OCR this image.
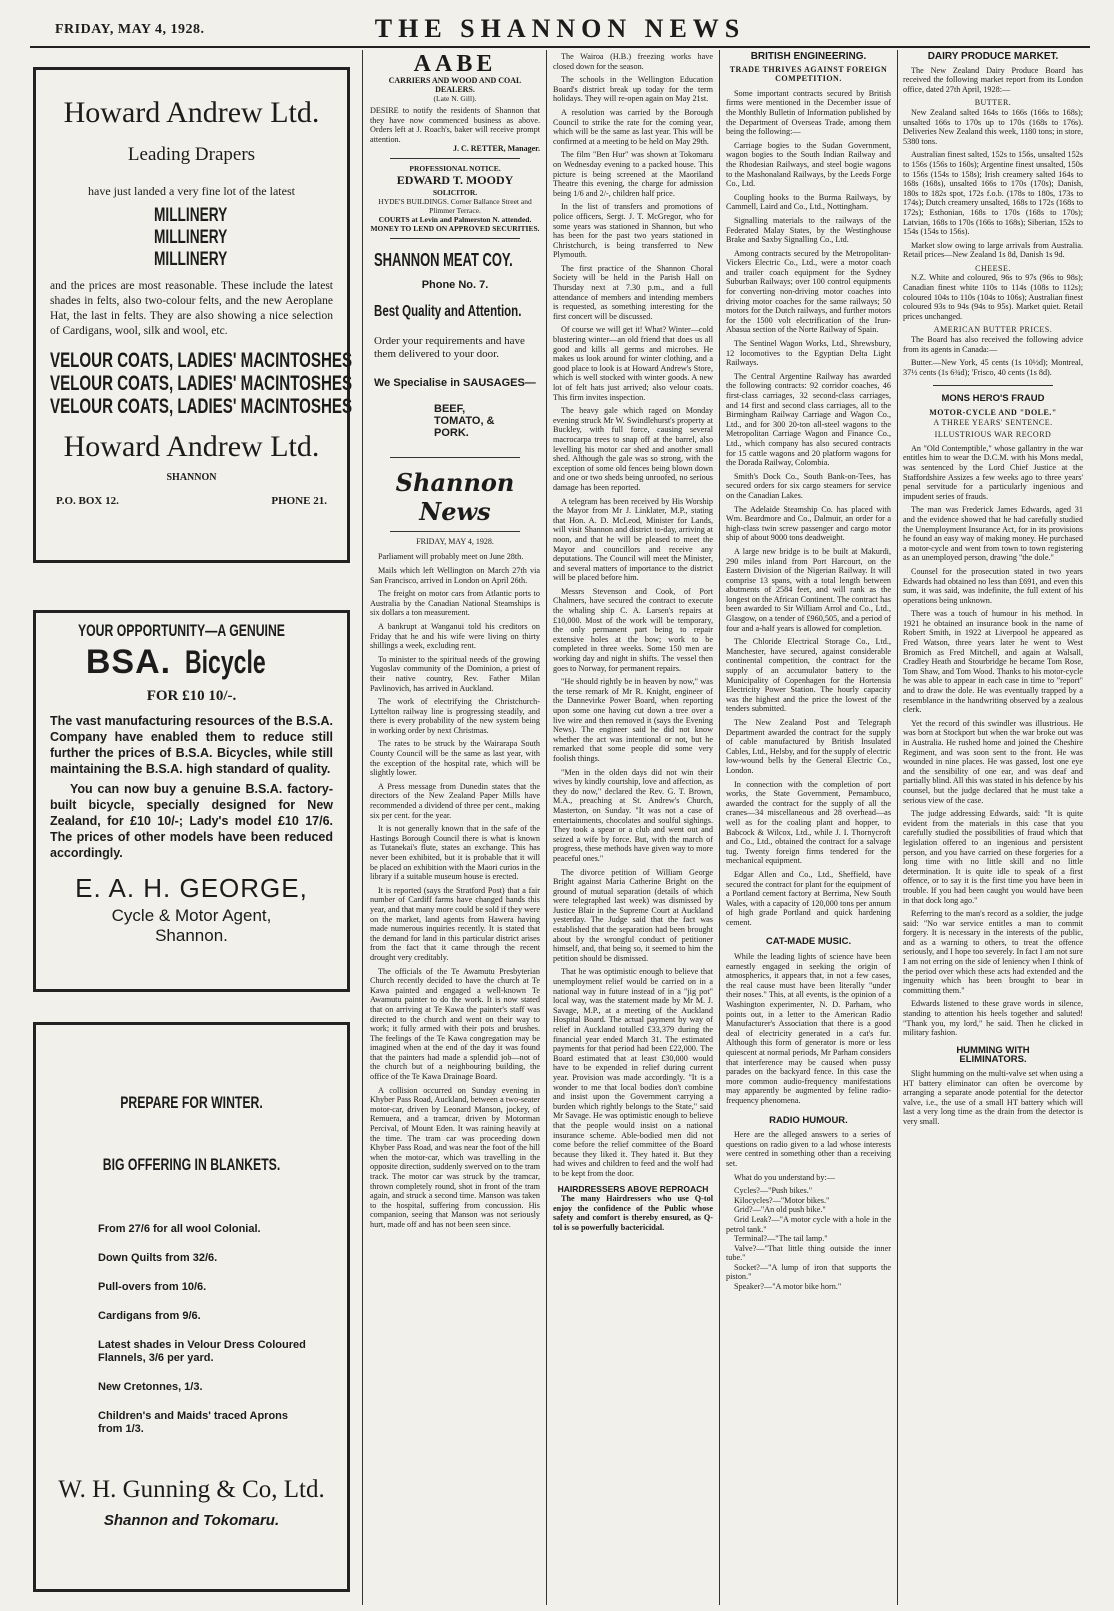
FRIDAY, MAY 4, 1928.	THE SHANNON NEWS
Howard Andrew Ltd.
Leading Drapers
have just landed a very fine lot of the latest
MILLINERY
MILLINERY
MILLINERY
and the prices are most reasonable. These include the latest shades in felts, also two-colour felts, and the new Aeroplane Hat, the last in felts. They are also showing a nice selection of Cardigans, wool, silk and wool, etc.
VELOUR COATS, LADIES' MACINTOSHES
VELOUR COATS, LADIES' MACINTOSHES
VELOUR COATS, LADIES' MACINTOSHES
Howard Andrew Ltd.
SHANNON
P.O. BOX 12.	PHONE 21.
YOUR OPPORTUNITY—A GENUINE
BSA. Bicycle
FOR £10 10/-.
The vast manufacturing resources of the B.S.A. Company have enabled them to reduce still further the prices of B.S.A. Bicycles, while still maintaining the B.S.A. high standard of quality.
You can now buy a genuine B.S.A. factory-built bicycle, specially designed for New Zealand, for £10 10/-; Lady's model £10 17/6. The prices of other models have been reduced accordingly.
E. A. H. GEORGE,
Cycle & Motor Agent,
Shannon.
PREPARE FOR WINTER.
BIG OFFERING IN BLANKETS.
From 27/6 for all wool Colonial.
Down Quilts from 32/6.
Pull-overs from 10/6.
Cardigans from 9/6.
Latest shades in Velour Dress Coloured Flannels, 3/6 per yard.
New Cretonnes, 1/3.
Children's and Maids' traced Aprons from 1/3.
W. H. Gunning & Co, Ltd.
Shannon and Tokomaru.
AABE
CARRIERS AND WOOD AND COAL DEALERS.
(Late N. Gill).
DESIRE to notify the residents of Shannon that they have now commenced business as above. Orders left at J. Roach's, baker will receive prompt attention.
J. C. RETTER, Manager.
PROFESSIONAL NOTICE.
EDWARD T. MOODY
SOLICITOR.
HYDE'S BUILDINGS. Corner Ballance Street and Plimmer Terrace.
COURTS at Levin and Palmerston N. attended.
MONEY TO LEND ON APPROVED SECURITIES.
SHANNON MEAT COY.
Phone No. 7.
Best Quality and Attention.
Order your requirements and have them delivered to your door.
We Specialise in SAUSAGES—
BEEF, TOMATO, & PORK.
Shannon News
FRIDAY, MAY 4, 1928.

Parliament will probably meet on June 28th.

Mails which left Wellington on March 27th via San Francisco, arrived in London on April 26th.

The freight on motor cars from Atlantic ports to Australia by the Canadian National Steamships is six dollars a ton measurement.

A bankrupt at Wanganui told his creditors on Friday that he and his wife were living on thirty shillings a week, excluding rent.

To minister to the spiritual needs of the growing Yugoslav community of the Dominion, a priest of their native country, Rev. Father Milan Pavlinovich, has arrived in Auckland.

The work of electrifying the Christchurch-Lyttelton railway line is progressing steadily, and there is every probability of the new system being in working order by next Christmas.

The rates to be struck by the Wairarapa South County Council will be the same as last year, with the exception of the hospital rate, which will be slightly lower.

A Press message from Dunedin states that the directors of the New Zealand Paper Mills have recommended a dividend of three per cent., making six per cent. for the year.

It is not generally known that in the safe of the Hastings Borough Council there is what is known as Tutanekai's flute, states an exchange. This has never been exhibited, but it is probable that it will be placed on exhibition with the Maori curios in the library if a suitable museum house is erected.

It is reported (says the Stratford Post) that a fair number of Cardiff farms have changed hands this year, and that many more could be sold if they were on the market, land agents from Hawera having made numerous inquiries recently. It is stated that the demand for land in this particular district arises from the fact that it came through the recent drought very creditably.

The officials of the Te Awamutu Presbyterian Church recently decided to have the church at Te Kawa painted and engaged a well-known Te Awamutu painter to do the work. It is now stated that on arriving at Te Kawa the painter's staff was directed to the church and went on their way to work; it fully armed with their pots and brushes. The feelings of the Te Kawa congregation may be imagined when at the end of the day it was found that the painters had made a splendid job—not of the church but of a neighbouring building, the office of the Te Kawa Drainage Board.

A collision occurred on Sunday evening in Khyber Pass Road, Auckland, between a two-seater motor-car, driven by Leonard Manson, jockey, of Remuera, and a tramcar, driven by Motorman Percival, of Mount Eden. It was raining heavily at the time. The tram car was proceeding down Khyber Pass Road, and was near the foot of the hill when the motor-car, which was travelling in the opposite direction, suddenly swerved on to the tram track. The motor car was struck by the tramcar, thrown completely round, shot in front of the tram again, and struck a second time. Manson was taken to the hospital, suffering from concussion. His companion, seeing that Manson was not seriously hurt, made off and has not been seen since.

The Wairoa (H.B.) freezing works have closed down for the season.

The schools in the Wellington Education Board's district break up today for the term holidays. They will re-open again on May 21st.

A resolution was carried by the Borough Council to strike the rate for the coming year, which will be the same as last year. This will be confirmed at a meeting to be held on May 29th.

The film "Ben Hur" was shown at Tokomaru on Wednesday evening to a packed house. This picture is being screened at the Maoriland Theatre this evening, the charge for admission being 1/6 and 2/-, children half price.

In the list of transfers and promotions of police officers, Sergt. J. T. McGregor, who for some years was stationed in Shannon, but who has been for the past two years stationed in Christchurch, is being transferred to New Plymouth.

The first practice of the Shannon Choral Society will be held in the Parish Hall on Thursday next at 7.30 p.m., and a full attendance of members and intending members is requested, as something interesting for the first concert will be discussed.

Of course we will get it! What? Winter—cold blustering winter—an old friend that does us all good and kills all germs and microbes. He makes us look around for winter clothing, and a good place to look is at Howard Andrew's Store, which is well stocked with winter goods. A new lot of felt hats just arrived; also velour coats. This firm invites inspection.

The heavy gale which raged on Monday evening struck Mr W. Swindlehurst's property at Buckley, with full force, causing several macrocarpa trees to snap off at the barrel, also levelling his motor car shed and another small shed. Although the gale was so strong, with the exception of some old fences being blown down and one or two sheds being unroofed, no serious damage has been reported.

A telegram has been received by His Worship the Mayor from Mr J. Linklater, M.P., stating that Hon. A. D. McLeod, Minister for Lands, will visit Shannon and district to-day, arriving at noon, and that he will be pleased to meet the Mayor and councillors and receive any deputations. The Council will meet the Minister, and several matters of importance to the district will be placed before him.

Messrs Stevenson and Cook, of Port Chalmers, have secured the contract to execute the whaling ship C. A. Larsen's repairs at £10,000. Most of the work will be temporary, the only permanent part being to repair extensive holes at the bow; work to be completed in three weeks. Some 150 men are working day and night in shifts. The vessel then goes to Norway, for permanent repairs.

"He should rightly be in heaven by now," was the terse remark of Mr R. Knight, engineer of the Dannevirke Power Board, when reporting upon some one having cut down a tree over a live wire and then removed it (says the Evening News). The engineer said he did not know whether the act was intentional or not, but he remarked that some people did some very foolish things.

"Men in the olden days did not win their wives by kindly courtship, love and affection, as they do now," declared the Rev. G. T. Brown, M.A., preaching at St. Andrew's Church, Masterton, on Sunday. "It was not a case of entertainments, chocolates and soulful sighings. They took a spear or a club and went out and seized a wife by force. But, with the march of progress, these methods have given way to more peaceful ones."

The divorce petition of William George Bright against Maria Catherine Bright on the ground of mutual separation (details of which were telegraphed last week) was dismissed by Justice Blair in the Supreme Court at Auckland yesterday. The Judge said that the fact was established that the separation had been brought about by the wrongful conduct of petitioner himself, and, that being so, it seemed to him the petition should be dismissed.

That he was optimistic enough to believe that unemployment relief would be carried on in a national way in future instead of in a "jig pot" local way, was the statement made by Mr M. J. Savage, M.P., at a meeting of the Auckland Hospital Board. The actual payment by way of relief in Auckland totalled £33,379 during the financial year ended March 31. The estimated payments for that period had been £22,000. The Board estimated that at least £30,000 would have to be expended in relief during current year. Provision was made accordingly. "It is a wonder to me that local bodies don't combine and insist upon the Government carrying a burden which rightly belongs to the State," said Mr Savage. He was optimistic enough to believe that the people would insist on a national insurance scheme. Able-bodied men did not come before the relief committee of the Board because they liked it. They hated it. But they had wives and children to feed and the wolf had to be kept from the door.

HAIRDRESSERS ABOVE REPROACH

The many Hairdressers who use Q-tol enjoy the confidence of the Public whose safety and comfort is thereby ensured, as Q-tol is so powerfully bactericidal.

BRITISH ENGINEERING.
TRADE THRIVES AGAINST FOREIGN COMPETITION.

Some important contracts secured by British firms were mentioned in the December issue of the Monthly Bulletin of Information published by the Department of Overseas Trade, among them being the following:—

Carriage bogies to the Sudan Government, wagon bogies to the South Indian Railway and the Rhodesian Railways, and steel bogie wagons to the Mashonaland Railways, by the Leeds Forge Co., Ltd.

Coupling hooks to the Burma Railways, by Cammell, Laird and Co., Ltd., Nottingham.

Signalling materials to the railways of the Federated Malay States, by the Westinghouse Brake and Saxby Signalling Co., Ltd.

Among contracts secured by the Metropolitan-Vickers Electric Co., Ltd., were a motor coach and trailer coach equipment for the Sydney Suburban Railways; over 100 control equipments for converting non-driving motor coaches into driving motor coaches for the same railways; 50 motors for the Dutch railways, and further motors for the 1500 volt electrification of the Irun-Abasua section of the Norte Railway of Spain.

The Sentinel Wagon Works, Ltd., Shrewsbury, 12 locomotives to the Egyptian Delta Light Railways.

The Central Argentine Railway has awarded the following contracts: 92 corridor coaches, 46 first-class carriages, 32 second-class carriages, and 14 first and second class carriages, all to the Birmingham Railway Carriage and Wagon Co., Ltd., and for 300 20-ton all-steel wagons to the Metropolitan Carriage Wagon and Finance Co., Ltd., which company has also secured contracts for 15 cattle wagons and 20 platform wagons for the Dorada Railway, Colombia.

Smith's Dock Co., South Bank-on-Tees, has secured orders for six cargo steamers for service on the Canadian Lakes.

The Adelaide Steamship Co. has placed with Wm. Beardmore and Co., Dalmuir, an order for a high-class twin screw passenger and cargo motor ship of about 9000 tons deadweight.

A large new bridge is to be built at Makurdi, 290 miles inland from Port Harcourt, on the Eastern Division of the Nigerian Railway. It will comprise 13 spans, with a total length between abutments of 2584 feet, and will rank as the longest on the African Continent. The contract has been awarded to Sir William Arrol and Co., Ltd., Glasgow, on a tender of £960,505, and a period of four and a-half years is allowed for completion.

The Chloride Electrical Storage Co., Ltd., Manchester, have secured, against considerable continental competition, the contract for the supply of an accumulator battery to the Municipality of Copenhagen for the Hortensia Electricity Power Station. The hourly capacity was the highest and the price the lowest of the tenders submitted.

The New Zealand Post and Telegraph Department awarded the contract for the supply of cable manufactured by British Insulated Cables, Ltd., Helsby, and for the supply of electric low-wound bells by the General Electric Co., London.

In connection with the completion of port works, the State Government, Pernambuco, awarded the contract for the supply of all the cranes—34 miscellaneous and 28 overhead—as well as for the coaling plant and hopper, to Babcock & Wilcox, Ltd., while J. I. Thornycroft and Co., Ltd., obtained the contract for a salvage tug. Twenty foreign firms tendered for the mechanical equipment.

Edgar Allen and Co., Ltd., Sheffield, have secured the contract for plant for the equipment of a Portland cement factory at Berrima, New South Wales, with a capacity of 120,000 tons per annum of high grade Portland and quick hardening cement.

CAT-MADE MUSIC.

While the leading lights of science have been earnestly engaged in seeking the origin of atmospherics, it appears that, in not a few cases, the real cause must have been literally "under their noses." This, at all events, is the opinion of a Washington experimenter, N. D. Parham, who points out, in a letter to the American Radio Manufacturer's Association that there is a good deal of electricity generated in a cat's fur. Although this form of generator is more or less quiescent at normal periods, Mr Parham considers that interference may be caused when pussy parades on the backyard fence. In this case the more common audio-frequency manifestations may apparently be augmented by feline radio-frequency phenomena.

RADIO HUMOUR.

Here are the alleged answers to a series of questions on radio given to a lad whose interests were centred in something other than a receiving set.

What do you understand by:—

Cycles?—"Push bikes."

Kilocycles?—"Motor bikes."

Grid?—"An old push bike."

Grid Leak?—"A motor cycle with a hole in the petrol tank."

Terminal?—"The tail lamp."

Valve?—"That little thing outside the inner tube."

Socket?—"A lump of iron that supports the piston."

Speaker?—"A motor bike horn."

DAIRY PRODUCE MARKET.

The New Zealand Dairy Produce Board has received the following market report from its London office, dated 27th April, 1928:—

BUTTER.

New Zealand salted 164s to 166s (166s to 168s); unsalted 166s to 170s up to 170s (168s to 176s). Deliveries New Zealand this week, 1180 tons; in store, 5380 tons.

Australian finest salted, 152s to 156s, unsalted 152s to 156s (156s to 160s); Argentine finest unsalted, 150s to 156s (154s to 158s); Irish creamery salted 164s to 168s (168s), unsalted 166s to 170s (170s); Danish, 180s to 182s spot, 172s f.o.b. (178s to 180s, 173s to 174s); Dutch creamery unsalted, 168s to 172s (168s to 172s); Esthonian, 168s to 170s (168s to 170s); Latvian, 168s to 170s (166s to 168s); Siberian, 152s to 154s (154s to 156s).

Market slow owing to large arrivals from Australia. Retail prices—New Zealand 1s 8d, Danish 1s 9d.

CHEESE.

N.Z. White and coloured, 96s to 97s (96s to 98s); Canadian finest white 110s to 114s (108s to 112s); coloured 104s to 110s (104s to 106s); Australian finest coloured 93s to 94s (94s to 95s). Market quiet. Retail prices unchanged.

AMERICAN BUTTER PRICES.

The Board has also received the following advice from its agents in Canada:—

Butter.—New York, 45 cents (1s 10½d); Montreal, 37½ cents (1s 6¾d); 'Frisco, 40 cents (1s 8d).

MONS HERO'S FRAUD
MOTOR-CYCLE AND "DOLE."
A THREE YEARS' SENTENCE.
ILLUSTRIOUS WAR RECORD

An "Old Contemptible," whose gallantry in the war entitles him to wear the D.C.M. with his Mons medal, was sentenced by the Lord Chief Justice at the Staffordshire Assizes a few weeks ago to three years' penal servitude for a particularly ingenious and impudent series of frauds.

The man was Frederick James Edwards, aged 31 and the evidence showed that he had carefully studied the Unemployment Insurance Act, for in its provisions he found an easy way of making money. He purchased a motor-cycle and went from town to town registering as an unemployed person, drawing "the dole."

Counsel for the prosecution stated in two years Edwards had obtained no less than £691, and even this sum, it was said, was indefinite, the full extent of his operations being unknown.

There was a touch of humour in his method. In 1921 he obtained an insurance book in the name of Robert Smith, in 1922 at Liverpool he appeared as Fred Watson, three years later he went to West Bromich as Fred Mitchell, and again at Walsall, Cradley Heath and Stourbridge he became Tom Rose, Tom Shaw, and Tom Wood. Thanks to his motor-cycle he was able to appear in each case in time to "report" and to draw the dole. He was eventually trapped by a resemblance in the handwriting observed by a zealous clerk.

Yet the record of this swindler was illustrious. He was born at Stockport but when the war broke out was in Australia. He rushed home and joined the Cheshire Regiment, and was soon sent to the front. He was wounded in nine places. He was gassed, lost one eye and the sensibility of one ear, and was deaf and partially blind. All this was stated in his defence by his counsel, but the judge declared that he must take a serious view of the case.

The judge addressing Edwards, said: "It is quite evident from the materials in this case that you carefully studied the possibilities of fraud which that legislation offered to an ingenious and persistent person, and you have carried on these forgeries for a long time with no little skill and no little determination. It is quite idle to speak of a first offence, or to say it is the first time you have been in trouble. If you had been caught you would have been in that dock long ago."

Referring to the man's record as a soldier, the judge said: "No war service entitles a man to commit forgery. It is necessary in the interests of the public, and as a warning to others, to treat the offence seriously, and I hope too severely. In fact I am not sure I am not erring on the side of leniency when I think of the period over which these acts had extended and the ingenuity which has been brought to bear in committing them."

Edwards listened to these grave words in silence, standing to attention his heels together and saluted! "Thank you, my lord," he said. Then he clicked in military fashion.

HUMMING WITH ELIMINATORS.

Slight humming on the multi-valve set when using a HT battery eliminator can often be overcome by arranging a separate anode potential for the detector valve, i.e., the use of a small HT battery which will last a very long time as the drain from the detector is very small.
